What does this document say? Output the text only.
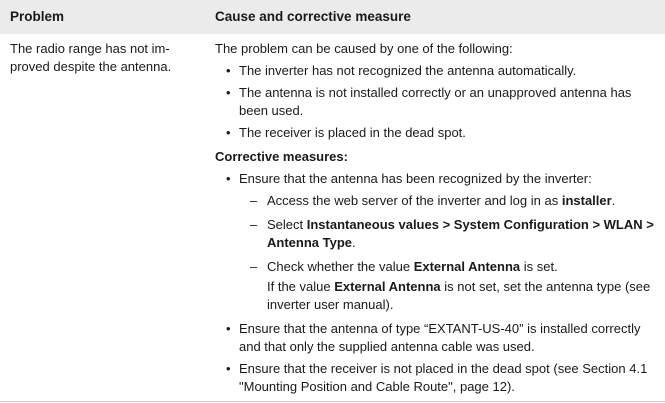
Problem	Cause and corrective measure
The radio range has not im-proved despite the antenna.

The problem can be caused by one of the following:

• The inverter has not recognized the antenna automatically.
• The antenna is not installed correctly or an unapproved antenna has been used.
• The receiver is placed in the dead spot.
Corrective measures:
• Ensure that the antenna has been recognized by the inverter:
– Access the web server of the inverter and log in as installer.
– Select Instantaneous values > System Configuration > WLAN > Antenna Type.
– Check whether the value External Antenna is set.

If the value External Antenna is not set, set the antenna type (see inverter user manual).

• Ensure that the antenna of type “EXTANT-US-40” is installed correctly and that only the supplied antenna cable was used.
• Ensure that the receiver is not placed in the dead spot (see Section 4.1 "Mounting Position and Cable Route", page 12).
